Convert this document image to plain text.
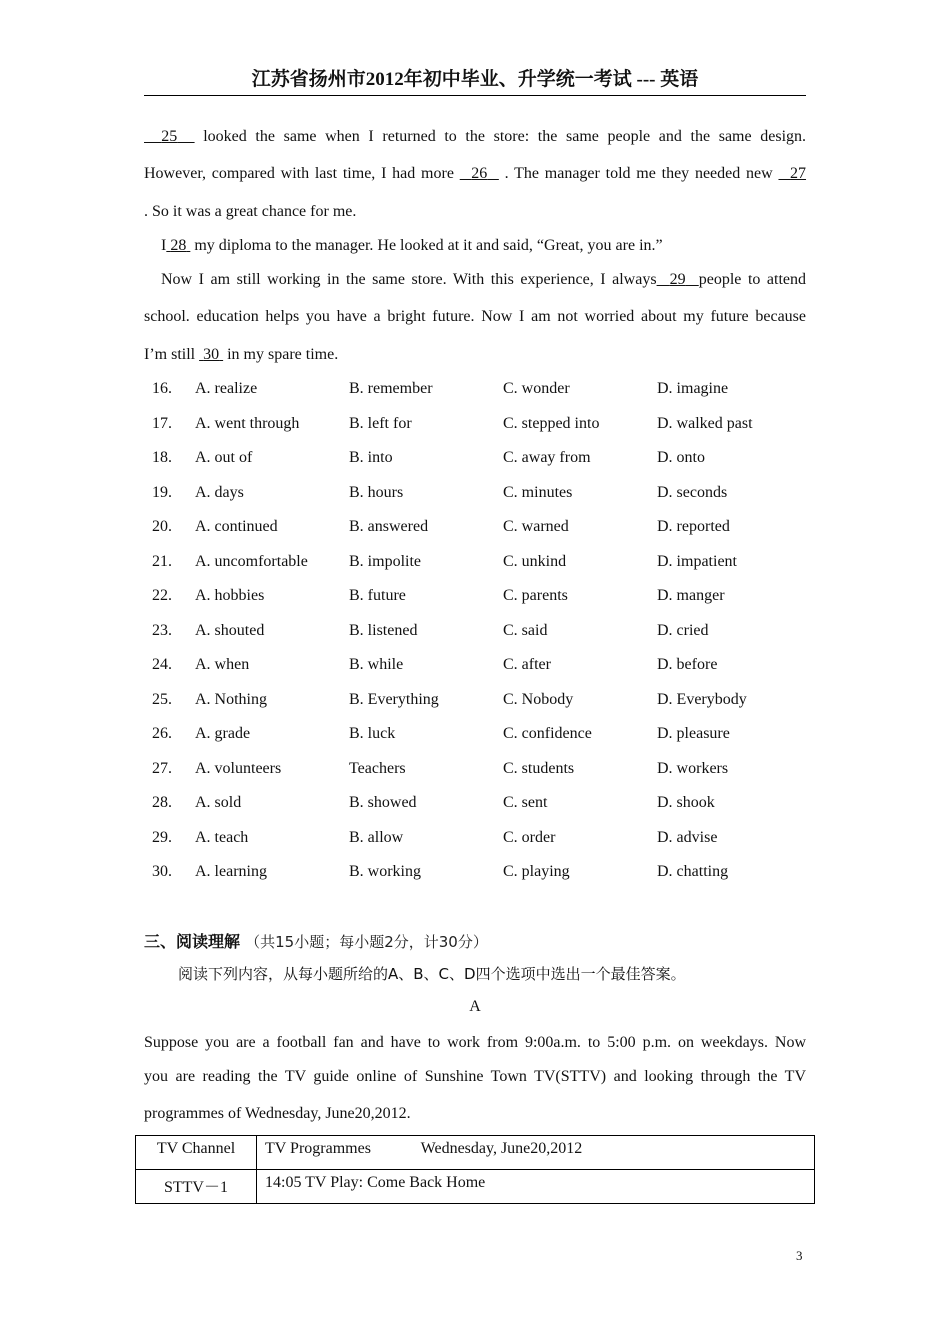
江苏省扬州市2012年初中毕业、升学统一考试 --- 英语
25   looked the same when I returned to the store: the same people and the same design.
However, compared with last time, I had more   26 . The manager told me they needed new   27
. So it was a great chance for me.
I 28  my diploma to the manager. He looked at it and said, “Great, you are in.”
Now I am still working in the same store. With this experience, I always 29 people to attend
school. education helps you have a bright future. Now I am not worried about my future because
I’m still  30  in my spare time.
16. A. realize	B. remember	C. wonder	D. imagine
17. A. went through	B. left for	C. stepped into	D. walked past
18. A. out of	B. into	C. away from	D. onto
19. A. days	B. hours	C. minutes	D. seconds
20. A. continued	B. answered	C. warned	D. reported
21. A. uncomfortable	B. impolite	C. unkind	D. impatient
22. A. hobbies	B. future	C. parents	D. manger
23. A. shouted	B. listened	C. said	D. cried
24. A. when	B. while	C. after	D. before
25. A. Nothing	B. Everything	C. Nobody	D. Everybody
26. A. grade	B. luck	C. confidence	D. pleasure
27. A. volunteers	Teachers	C. students	D. workers
28. A. sold	B. showed	C. sent	D. shook
29. A. teach	B. allow	C. order	D. advise
30. A. learning	B. working	C. playing	D. chatting
三、阅读理解 （共15小题；每小题2分，计30分）
阅读下列内容，从每小题所给的A、B、C、D四个选项中选出一个最佳答案。
A
Suppose you are a football fan and have to work from 9:00a.m. to 5:00 p.m. on weekdays. Now
you are reading the TV guide online of Sunshine Town TV(STTV) and looking through the TV
programmes of Wednesday, June20,2012.
TV Channel	TV Programmes Wednesday, June20,2012
STTV－1	14:05 TV Play: Come Back Home
3
